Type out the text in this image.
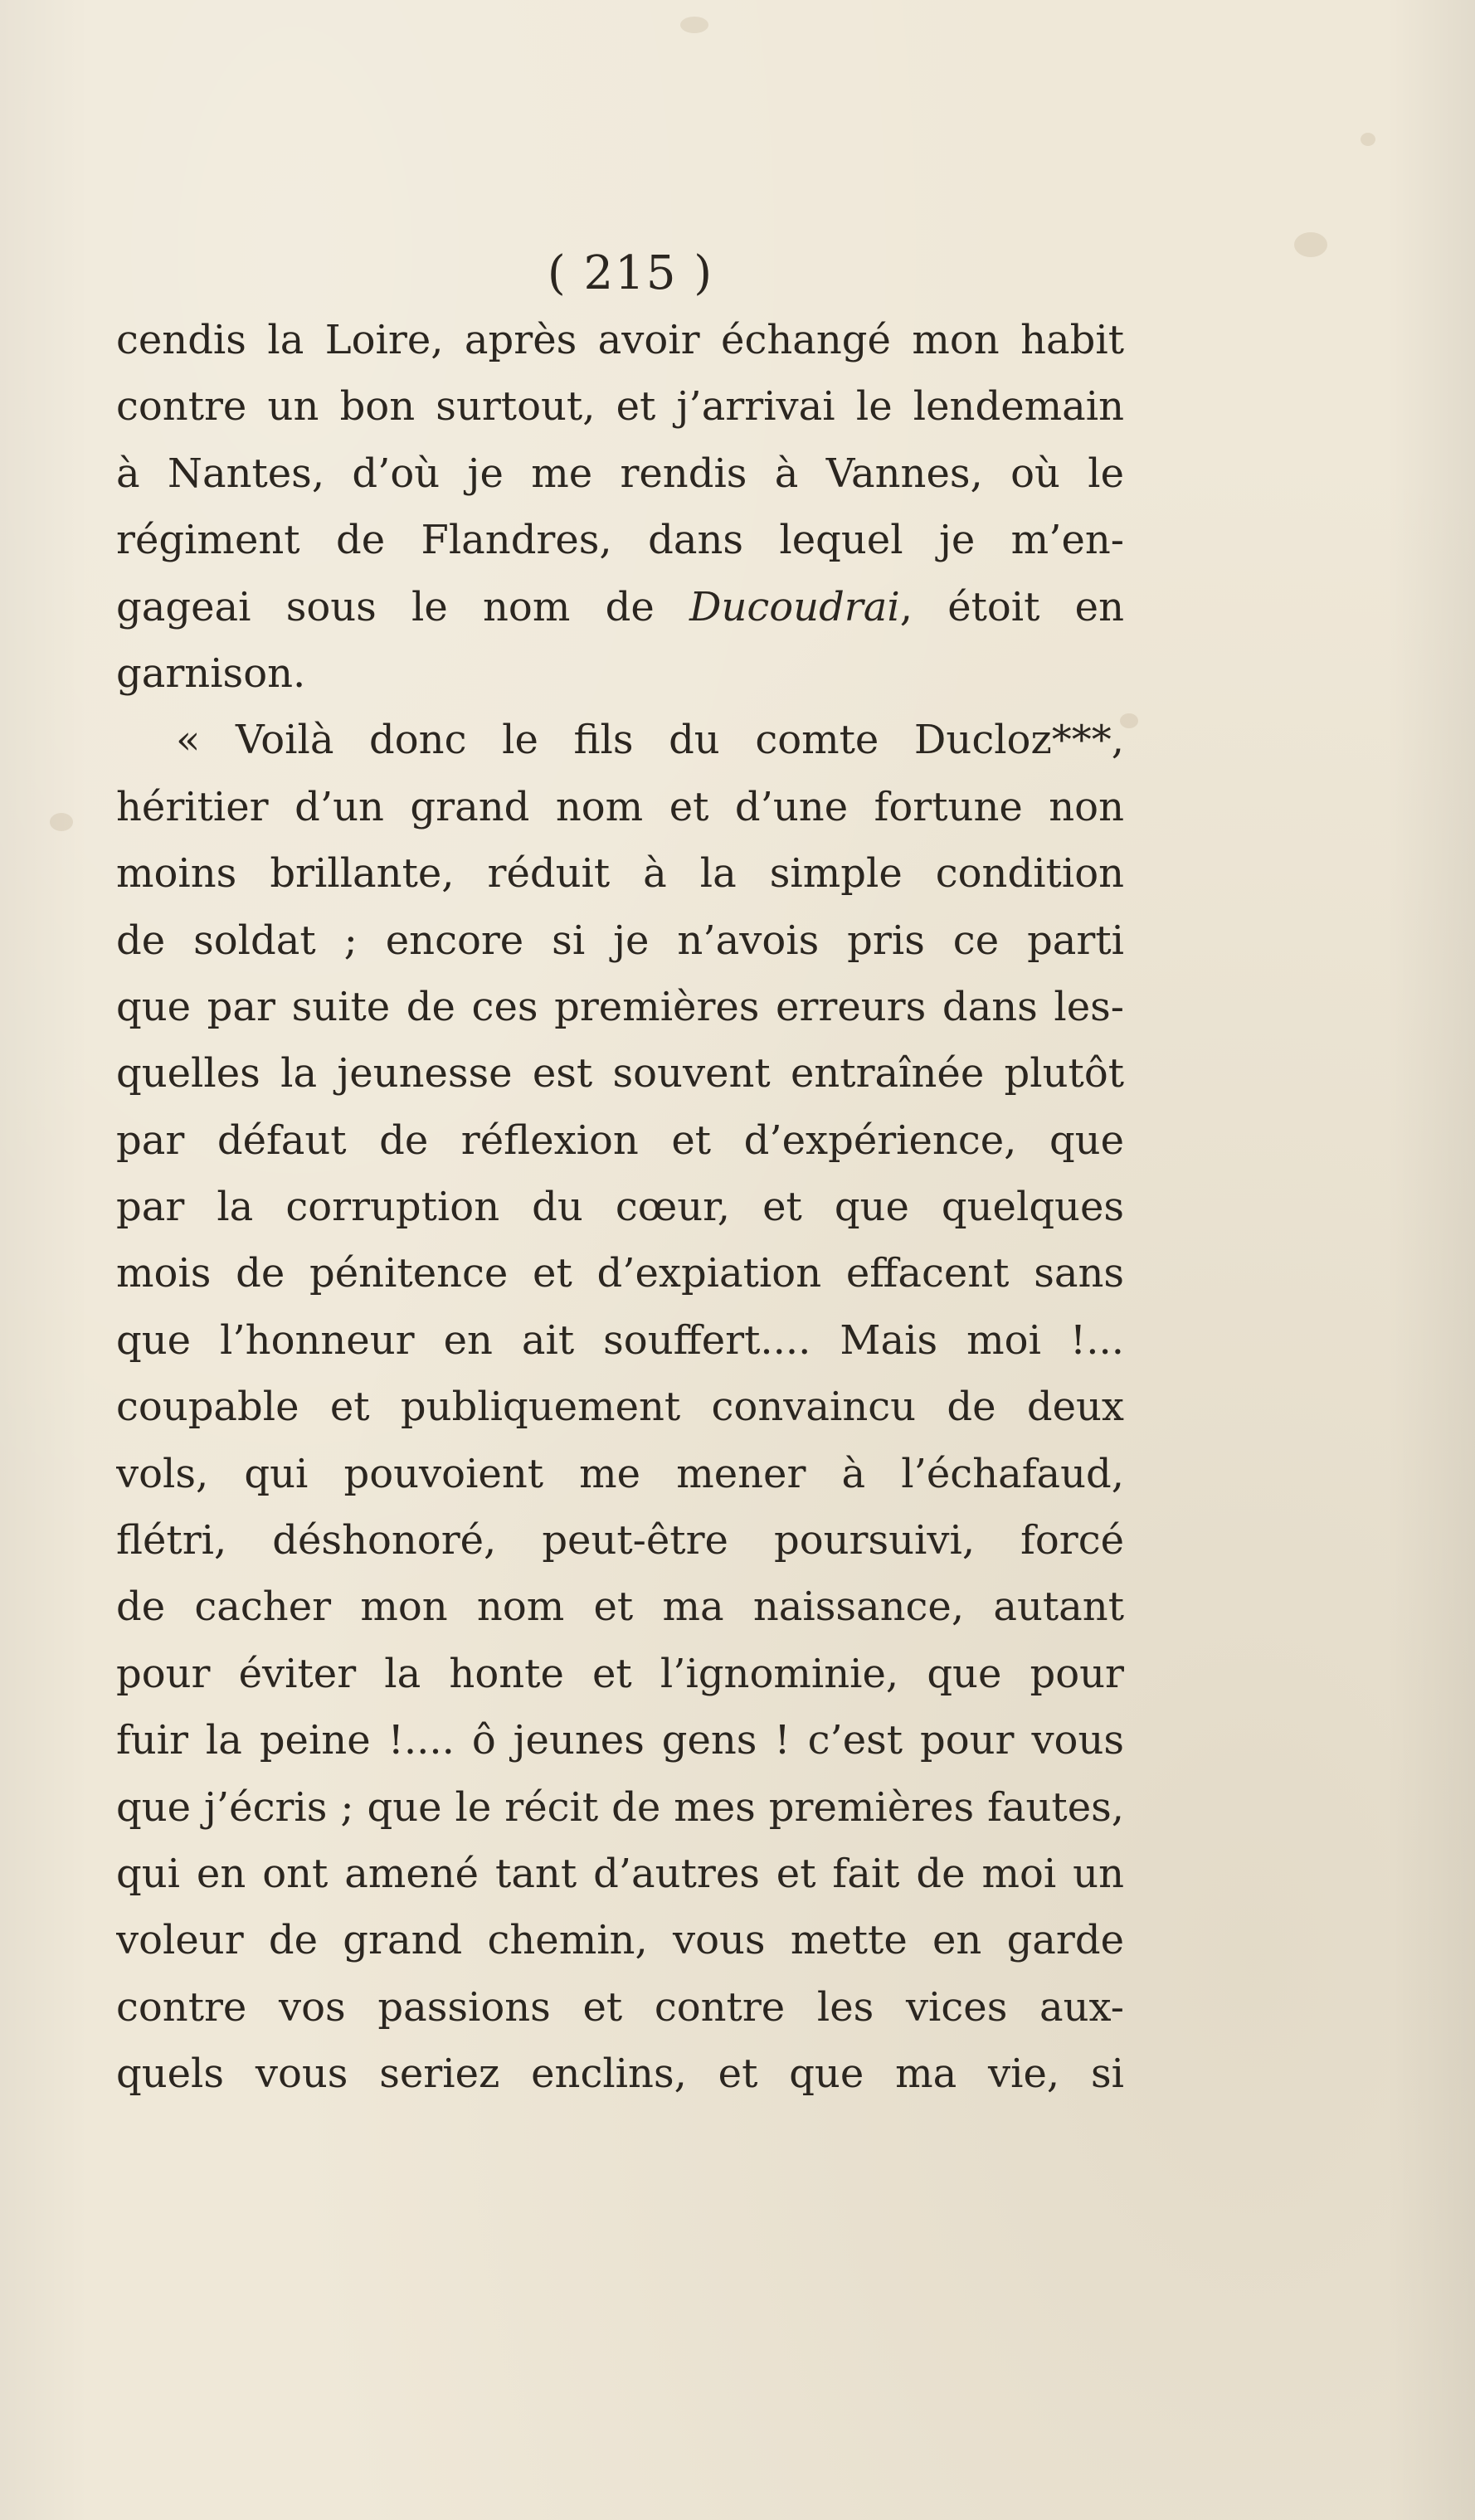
( 215 )
cendis la Loire, après avoir échangé mon habit
contre un bon surtout, et j’arrivai le lendemain
à Nantes, d’où je me rendis à Vannes, où le
régiment de Flandres, dans lequel je m’en-
gageai sous le nom de Ducoudrai, étoit en
garnison.
« Voilà donc le fils du comte Ducloz***,
héritier d’un grand nom et d’une fortune non
moins brillante, réduit à la simple condition
de soldat ; encore si je n’avois pris ce parti
que par suite de ces premières erreurs dans les-
quelles la jeunesse est souvent entraînée plutôt
par défaut de réflexion et d’expérience, que
par la corruption du cœur, et que quelques
mois de pénitence et d’expiation effacent sans
que l’honneur en ait souffert.... Mais moi !...
coupable et publiquement convaincu de deux
vols, qui pouvoient me mener à l’échafaud,
flétri, déshonoré, peut-être poursuivi, forcé
de cacher mon nom et ma naissance, autant
pour éviter la honte et l’ignominie, que pour
fuir la peine !.... ô jeunes gens ! c’est pour vous
que j’écris ; que le récit de mes premières fautes,
qui en ont amené tant d’autres et fait de moi un
voleur de grand chemin, vous mette en garde
contre vos passions et contre les vices aux-
quels vous seriez enclins, et que ma vie, si
